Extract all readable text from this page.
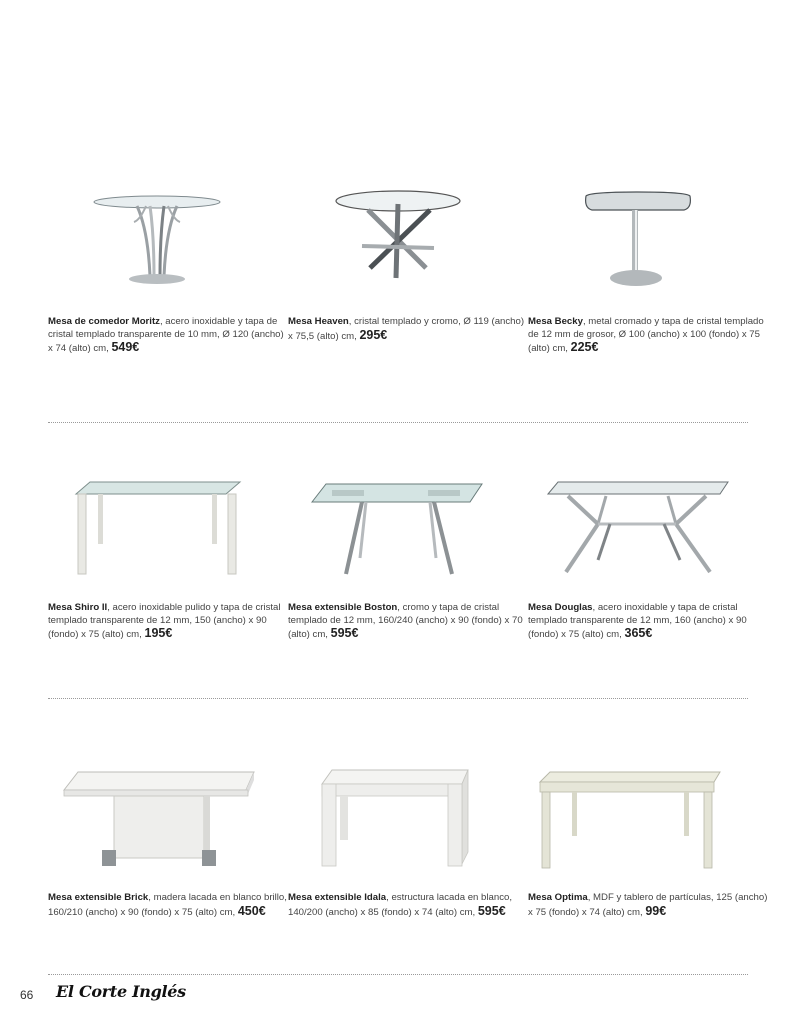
Mesa de comedor Moritz, acero inoxidable y tapa de cristal templado transparente de 10 mm, Ø 120 (ancho) x 74 (alto) cm, 549€
Mesa Heaven, cristal templado y cromo, Ø 119 (ancho) x 75,5 (alto) cm, 295€
Mesa Becky, metal cromado y tapa de cristal templado de 12 mm de grosor, Ø 100 (ancho) x 100 (fondo) x 75 (alto) cm, 225€
Mesa Shiro II, acero inoxidable pulido y tapa de cristal templado transparente de 12 mm, 150 (ancho) x 90 (fondo) x 75 (alto) cm, 195€
Mesa extensible Boston, cromo y tapa de cristal templado de 12 mm, 160/240 (ancho) x 90 (fondo) x 70 (alto) cm, 595€
Mesa Douglas, acero inoxidable y tapa de cristal templado transparente de 12 mm, 160 (ancho) x 90 (fondo) x 75 (alto) cm, 365€
Mesa extensible Brick, madera lacada en blanco brillo, 160/210 (ancho) x 90 (fondo) x 75 (alto) cm, 450€
Mesa extensible Idala, estructura lacada en blanco, 140/200 (ancho) x 85 (fondo) x 74 (alto) cm, 595€
Mesa Optima, MDF y tablero de partículas, 125 (ancho) x 75 (fondo) x 74 (alto) cm, 99€
66 El Corte Inglés
